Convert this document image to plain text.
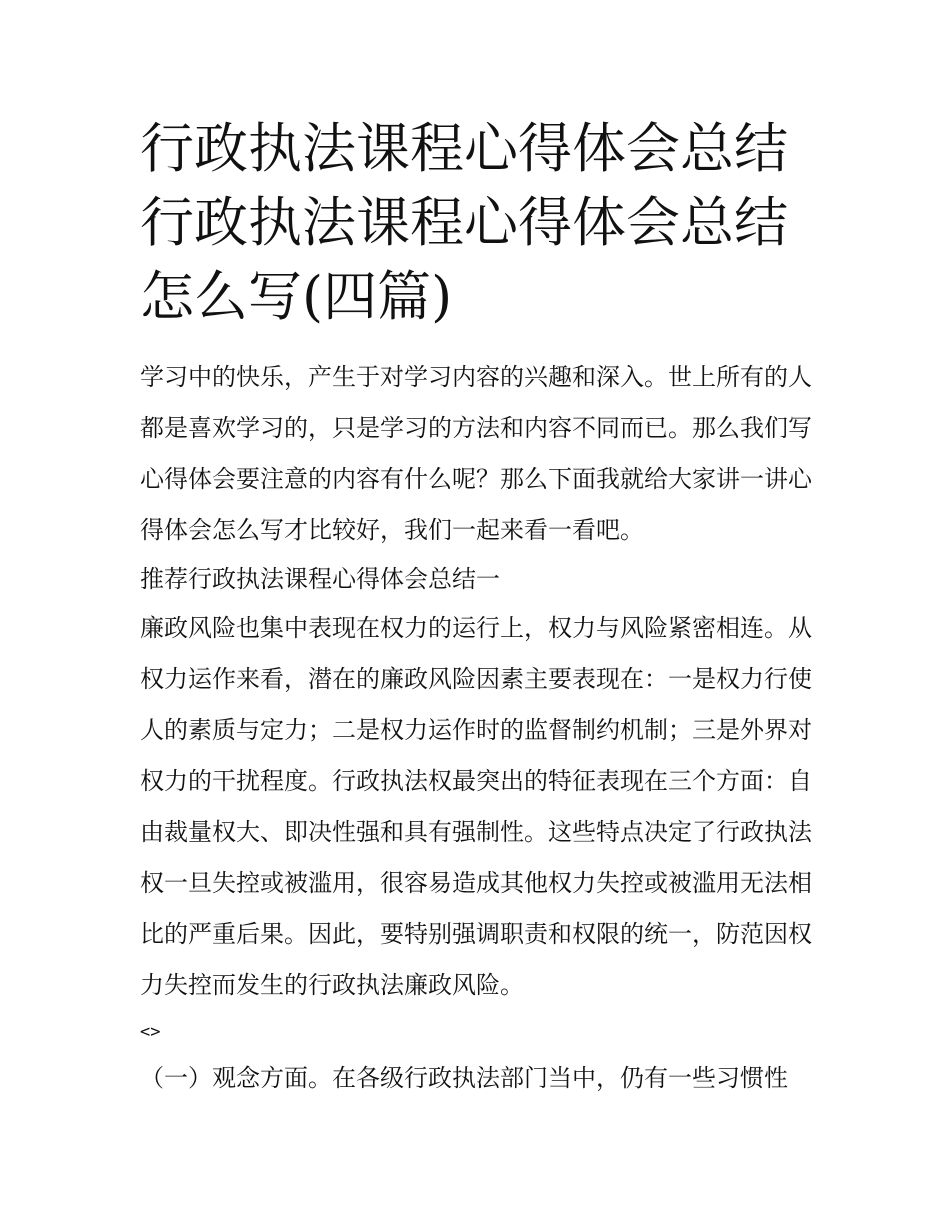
行政执法课程心得体会总结 行政执法课程心得体会总结怎么写(四篇)

学习中的快乐，产生于对学习内容的兴趣和深入。世上所有的人都是喜欢学习的，只是学习的方法和内容不同而已。那么我们写心得体会要注意的内容有什么呢？那么下面我就给大家讲一讲心得体会怎么写才比较好，我们一起来看一看吧。

推荐行政执法课程心得体会总结一

廉政风险也集中表现在权力的运行上，权力与风险紧密相连。从权力运作来看，潜在的廉政风险因素主要表现在：一是权力行使人的素质与定力；二是权力运作时的监督制约机制；三是外界对权力的干扰程度。行政执法权最突出的特征表现在三个方面：自由裁量权大、即决性强和具有强制性。这些特点决定了行政执法权一旦失控或被滥用，很容易造成其他权力失控或被滥用无法相比的严重后果。因此，要特别强调职责和权限的统一，防范因权力失控而发生的行政执法廉政风险。

<>

（一）观念方面。在各级行政执法部门当中，仍有一些习惯性
